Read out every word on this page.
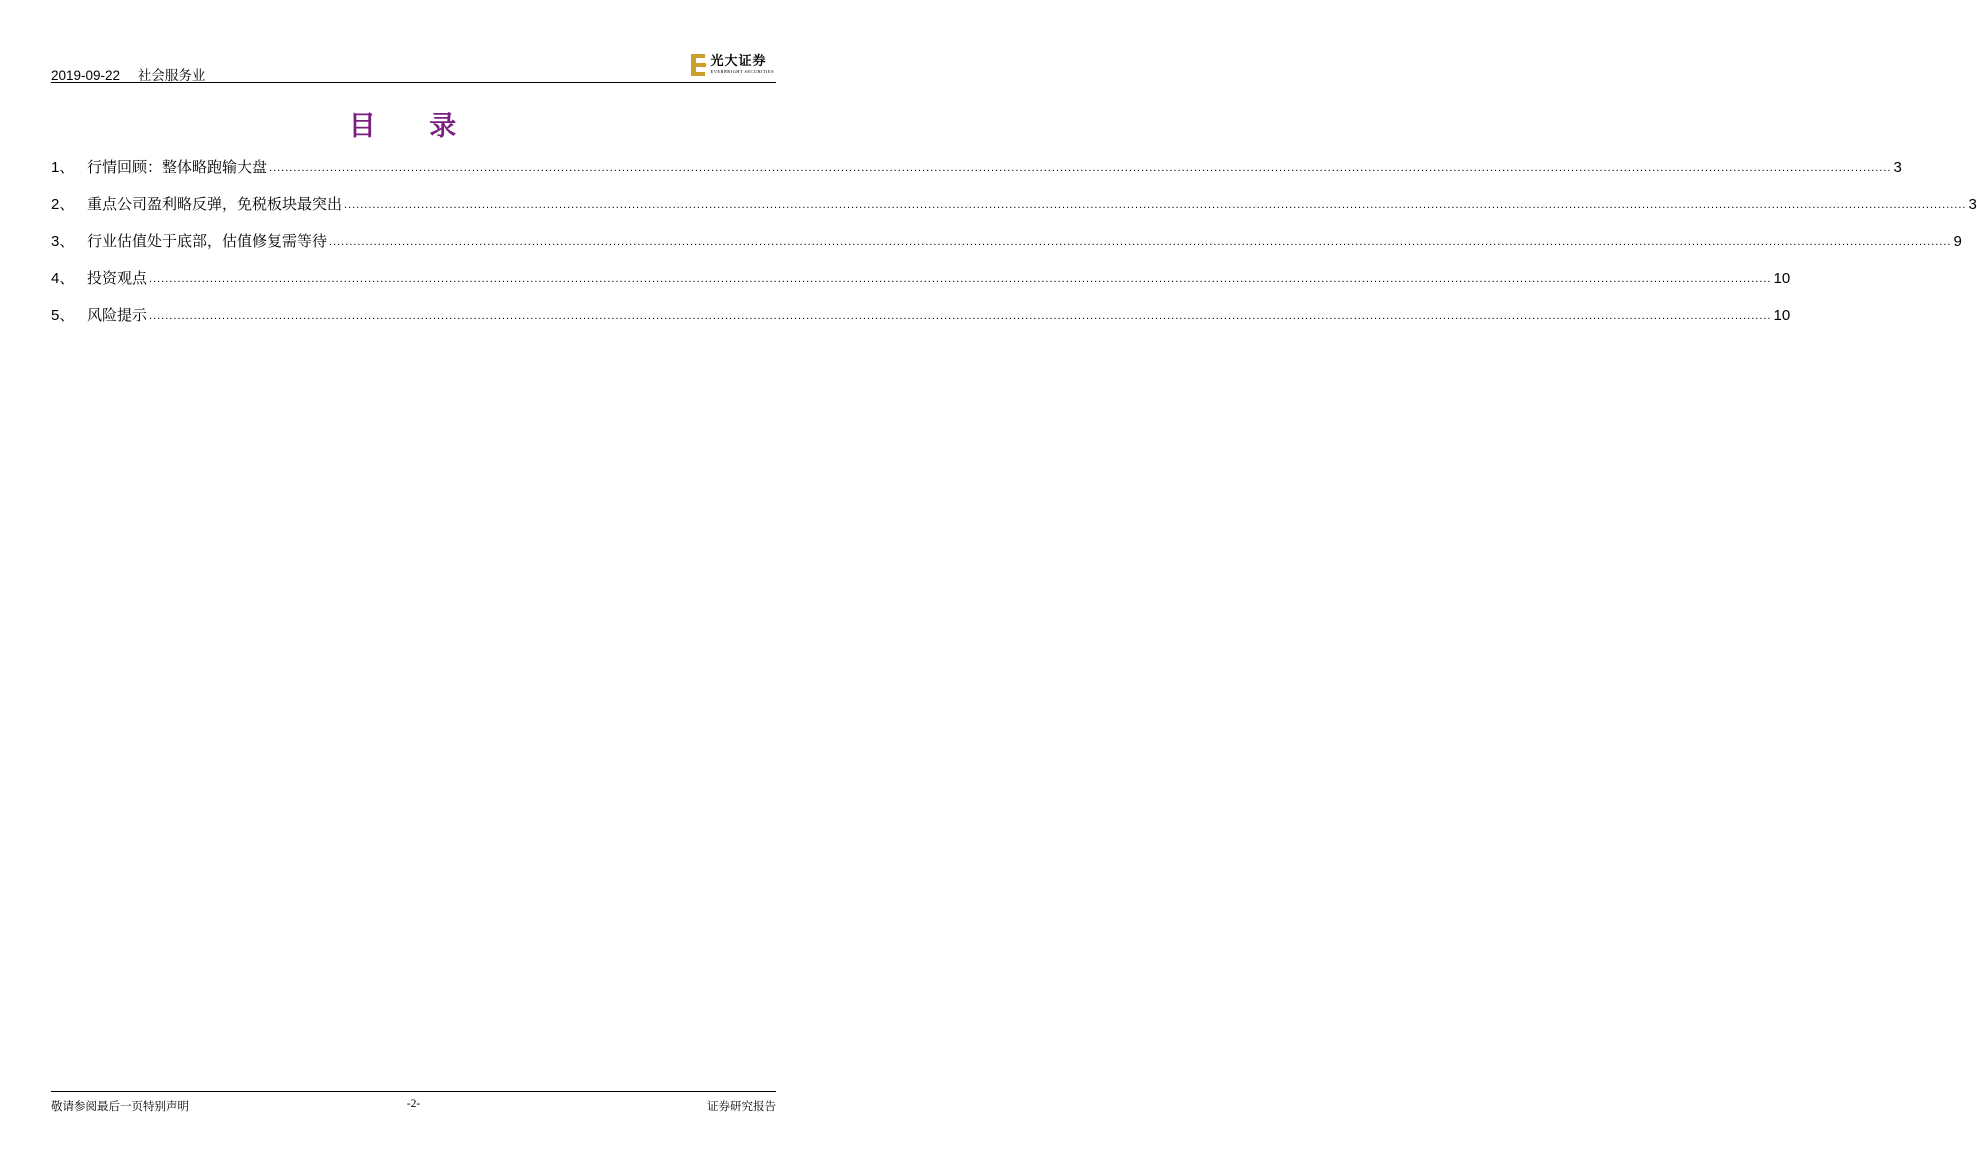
2019-09-22 社会服务业
光大证券
EVERBRIGHT SECURITIES
目 录
1、 行情回顾：整体略跑输大盘 ................................................................................................................................................................................................................................................................................................................................................................................................................ 3
2、 重点公司盈利略反弹，免税板块最突出 ................................................................................................................................................................................................................................................................................................................................................................................................................ 3
3、 行业估值处于底部，估值修复需等待 ................................................................................................................................................................................................................................................................................................................................................................................................................ 9
4、 投资观点 ................................................................................................................................................................................................................................................................................................................................................................................................................ 10
5、 风险提示 ................................................................................................................................................................................................................................................................................................................................................................................................................ 10
敬请参阅最后一页特别声明	-2-	证券研究报告
